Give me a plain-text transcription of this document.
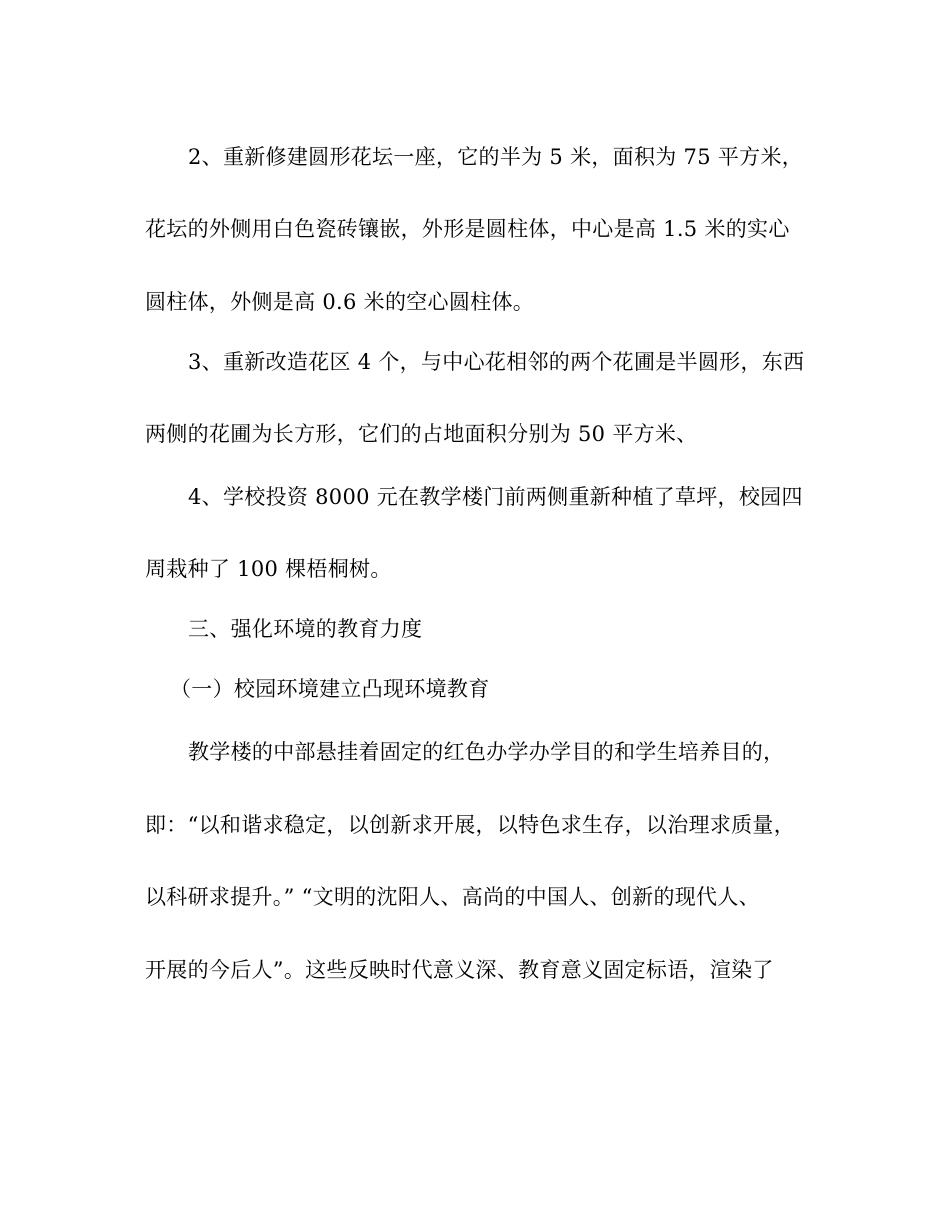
2、重新修建圆形花坛一座，它的半为 5 米，面积为 75 平方米，
花坛的外侧用白色瓷砖镶嵌，外形是圆柱体，中心是高 1.5 米的实心
圆柱体，外侧是高 0.6 米的空心圆柱体。
3、重新改造花区 4 个，与中心花相邻的两个花圃是半圆形，东西
两侧的花圃为长方形，它们的占地面积分别为 50 平方米、
4、学校投资 8000 元在教学楼门前两侧重新种植了草坪，校园四
周栽种了 100 棵梧桐树。
三、强化环境的教育力度
（一）校园环境建立凸现环境教育
教学楼的中部悬挂着固定的红色办学办学目的和学生培养目的，
即：“以和谐求稳定，以创新求开展，以特色求生存，以治理求质量，
以科研求提升。” “文明的沈阳人、高尚的中国人、创新的现代人、
开展的今后人”。这些反映时代意义深、教育意义固定标语，渲染了
